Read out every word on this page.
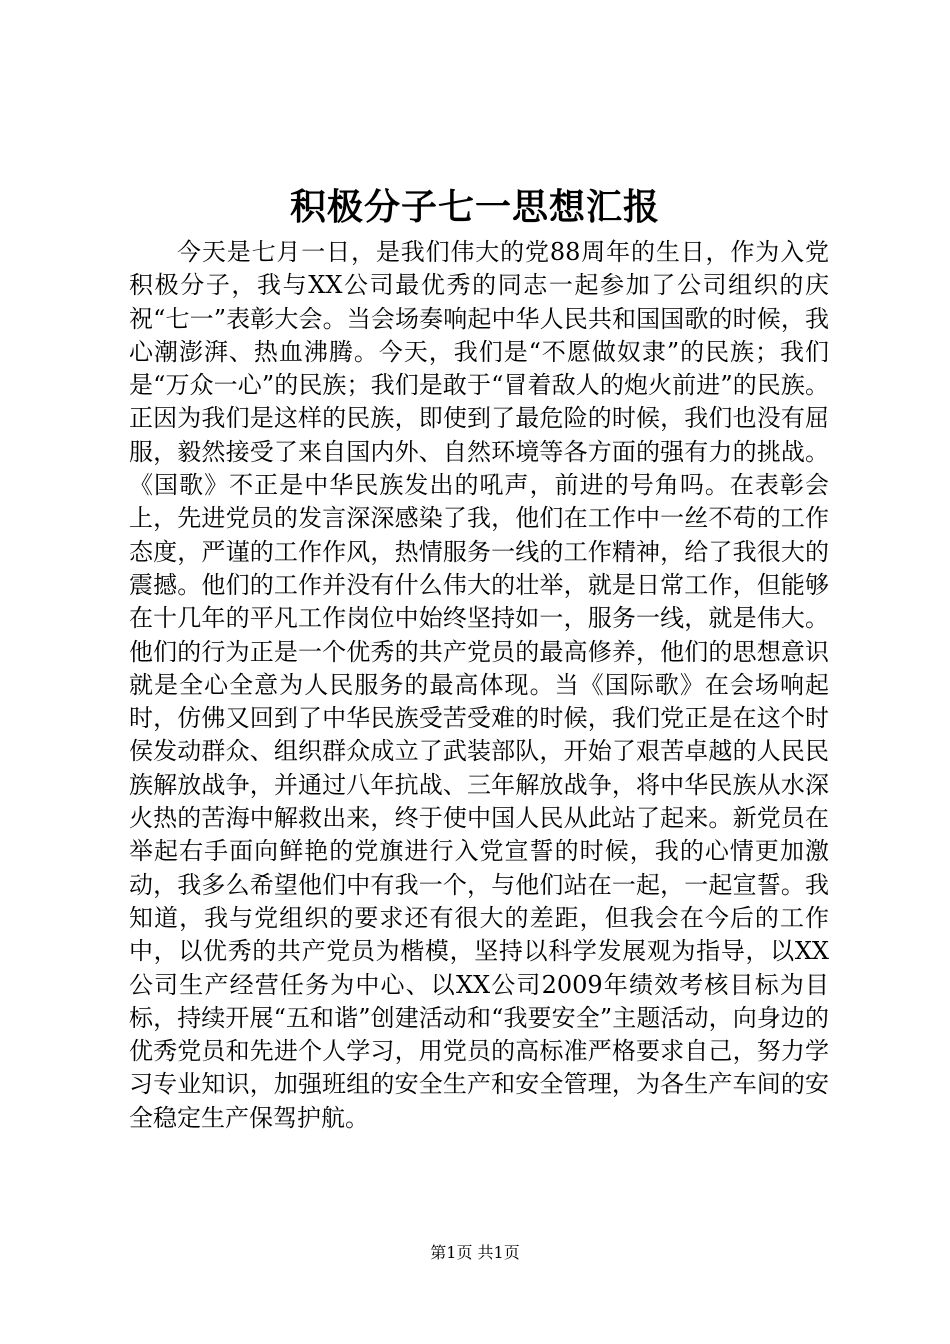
积极分子七一思想汇报

今天是七月一日，是我们伟大的党88周年的生日，作为入党积极分子，我与XX公司最优秀的同志一起参加了公司组织的庆祝“七一”表彰大会。当会场奏响起中华人民共和国国歌的时候，我心潮澎湃、热血沸腾。今天，我们是“不愿做奴隶”的民族；我们是“万众一心”的民族；我们是敢于“冒着敌人的炮火前进”的民族。正因为我们是这样的民族，即使到了最危险的时候，我们也没有屈服，毅然接受了来自国内外、自然环境等各方面的强有力的挑战。《国歌》不正是中华民族发出的吼声，前进的号角吗。在表彰会上，先进党员的发言深深感染了我，他们在工作中一丝不苟的工作态度，严谨的工作作风，热情服务一线的工作精神，给了我很大的震撼。他们的工作并没有什么伟大的壮举，就是日常工作，但能够在十几年的平凡工作岗位中始终坚持如一，服务一线，就是伟大。他们的行为正是一个优秀的共产党员的最高修养，他们的思想意识就是全心全意为人民服务的最高体现。当《国际歌》在会场响起时，仿佛又回到了中华民族受苦受难的时候，我们党正是在这个时侯发动群众、组织群众成立了武装部队，开始了艰苦卓越的人民民族解放战争，并通过八年抗战、三年解放战争，将中华民族从水深火热的苦海中解救出来，终于使中国人民从此站了起来。新党员在举起右手面向鲜艳的党旗进行入党宣誓的时候，我的心情更加激动，我多么希望他们中有我一个，与他们站在一起，一起宣誓。我知道，我与党组织的要求还有很大的差距，但我会在今后的工作中，以优秀的共产党员为楷模，坚持以科学发展观为指导，以XX公司生产经营任务为中心、以XX公司2009年绩效考核目标为目标，持续开展“五和谐”创建活动和“我要安全”主题活动，向身边的优秀党员和先进个人学习，用党员的高标准严格要求自己，努力学习专业知识，加强班组的安全生产和安全管理，为各生产车间的安全稳定生产保驾护航。

第1页 共1页
